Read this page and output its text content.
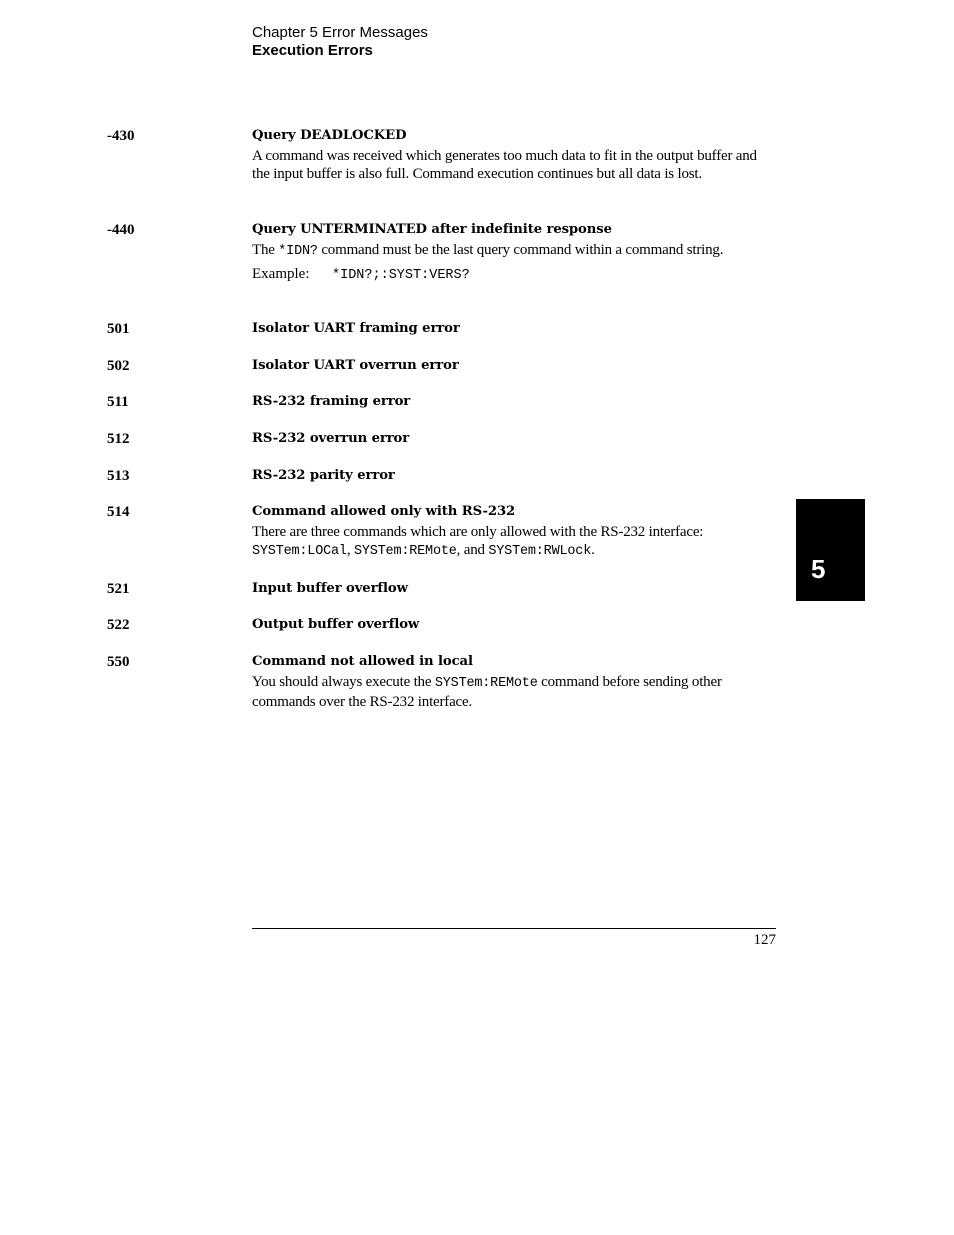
Chapter 5 Error Messages
Execution Errors
-430	Query DEADLOCKED
A command was received which generates too much data to fit in the output buffer and the input buffer is also full. Command execution continues but all data is lost.
-440	Query UNTERMINATED after indefinite response
The *IDN? command must be the last query command within a command string.
Example: *IDN?;:SYST:VERS?
501	Isolator UART framing error
502	Isolator UART overrun error
511	RS-232 framing error
512	RS-232 overrun error
513	RS-232 parity error
514	Command allowed only with RS-232
There are three commands which are only allowed with the RS-232 interface: SYSTem:LOCal, SYSTem:REMote, and SYSTem:RWLock.
521	Input buffer overflow
522	Output buffer overflow
550	Command not allowed in local
You should always execute the SYSTem:REMote command before sending other commands over the RS-232 interface.
5
127
